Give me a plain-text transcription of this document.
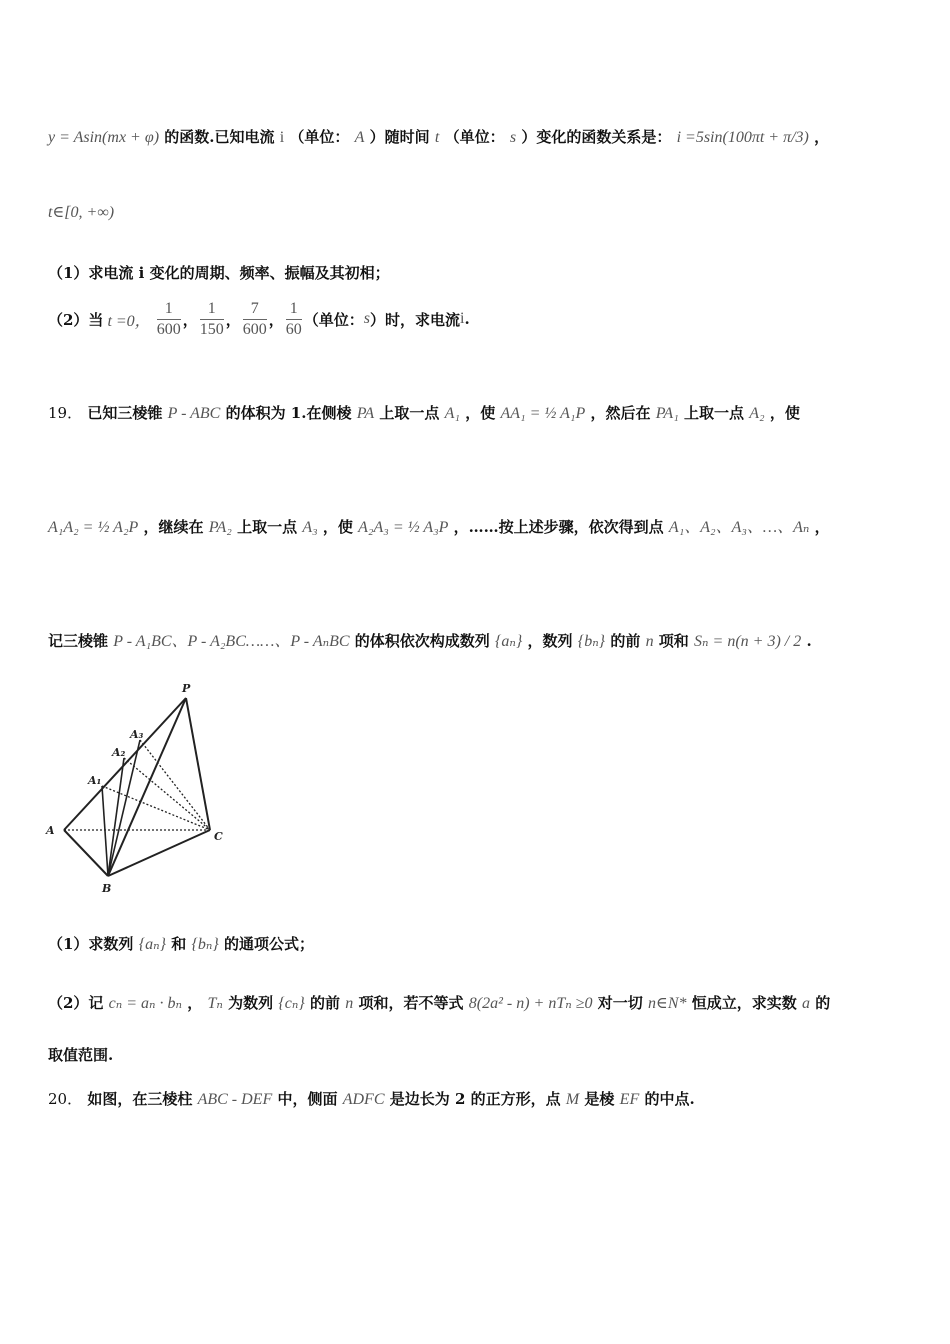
y = Asin(mx + φ) 的函数.已知电流 i （单位： A ）随时间 t （单位： s ）变化的函数关系是： i =5sin(100πt + π/3) ，
t∈[0, +∞)
（1）求电流 i 变化的周期、频率、振幅及其初相；
（2）当 t =0， $\frac{1}{600}$ ， $\frac{1}{150}$ ， $\frac{7}{600}$ ， $\frac{1}{60}$ （单位： s ）时，求电流 i .
19． 已知三棱锥 P - ABC 的体积为 1.在侧棱 PA 上取一点 A₁ ，使 AA₁ = ½ A₁P ，然后在 PA₁ 上取一点 A₂ ，使
A₁A₂ = ½ A₂P ，继续在 PA₂ 上取一点 A₃ ，使 A₂A₃ = ½ A₃P ，……按上述步骤，依次得到点 A₁、A₂、A₃、…、Aₙ ，
记三棱锥 P - A₁BC、P - A₂BC……、P - AₙBC 的体积依次构成数列 {aₙ} ，数列 {bₙ} 的前 n 项和 Sₙ = n(n + 3) / 2 .
P
A
A₁
A₂
A₃
B
C
（1）求数列 {aₙ} 和 {bₙ} 的通项公式；
（2）记 cₙ = aₙ · bₙ ， Tₙ 为数列 {cₙ} 的前 n 项和，若不等式 8(2a² - n) + nTₙ ≥0 对一切 n∈N* 恒成立，求实数 a 的
取值范围.
20． 如图，在三棱柱 ABC - DEF 中，侧面 ADFC 是边长为 2 的正方形，点 M 是棱 EF 的中点.
